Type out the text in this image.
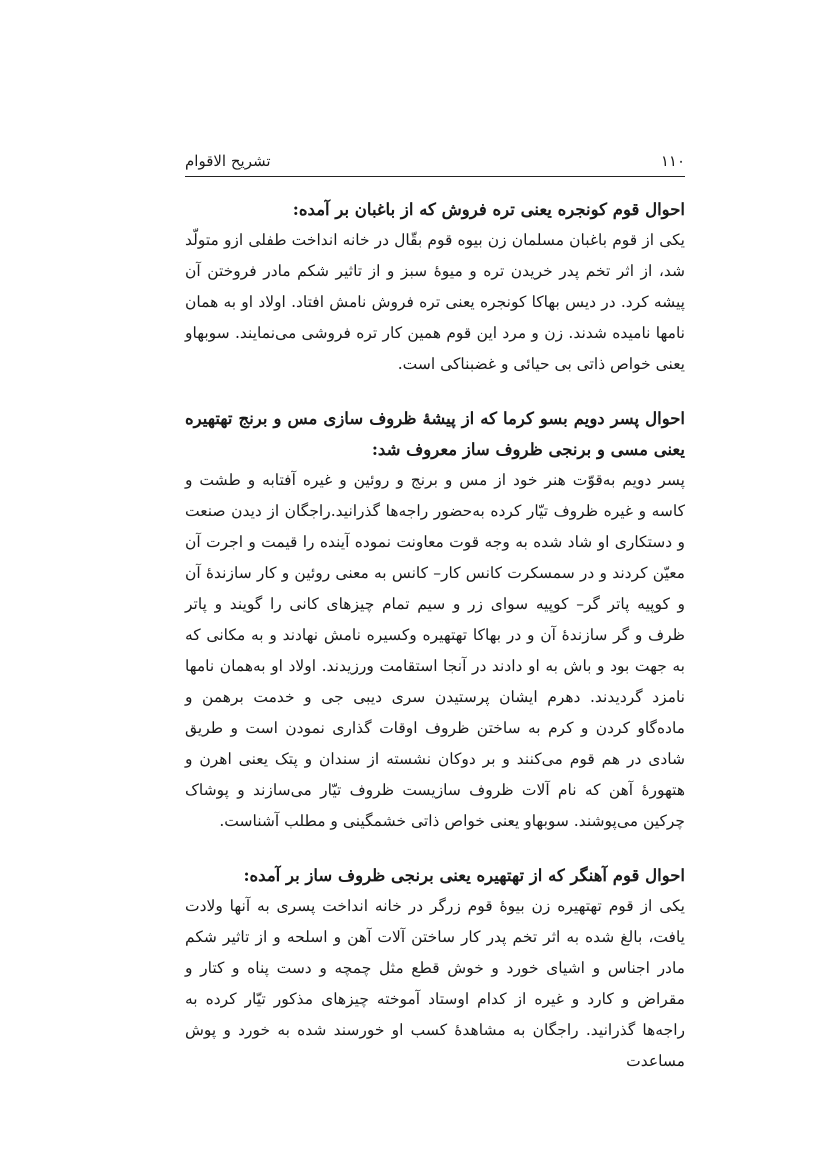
۱۱۰
تشریح الاقوام

احوال قوم کونجره یعنی تره فروش که از باغبان بر آمده:

یکی از قوم باغبان مسلمان زن بیوه قوم بقّال در خانه انداخت طفلی ازو متولّد شد، از اثر تخم پدر خریدن تره و میوهٔ سبز و از تاثیر شکم مادر فروختن آن پیشه کرد. در دیس بهاکا کونجره یعنی تره فروش نامش افتاد. اولاد او به همان نامها نامیده شدند. زن و مرد این قوم همین کار تره فروشی می‌نمایند. سوبهاو یعنی خواص ذاتی بی حیائی و غضبناکی است.

احوال پسر دویم بسو کرما که از پیشهٔ ظروف سازی مس و برنج تهتهیره یعنی مسی و برنجی ظروف ساز معروف شد:

پسر دویم به‌قوّت هنر خود از مس و برنج و روئین و غیره آفتابه و طشت و کاسه و غیره ظروف تیّار کرده به‌حضور راجه‌ها گذرانید.راجگان از دیدن صنعت و دستکاری او شاد شده به وجه قوت معاونت نموده آینده را قیمت و اجرت آن معیّن کردند و در سمسکرت کانس کار– کانس به معنی روئین و کار سازندهٔ آن و کوپیه پاتر گر– کوپیه سوای زر و سیم تمام چیزهای کانی را گویند و پاتر ظرف و گر سازندهٔ آن و در بهاکا تهتهیره وکسیره نامش نهادند و به مکانی که به جهت بود و باش به او دادند در آنجا استقامت ورزیدند. اولاد او به‌همان نامها نامزد گردیدند. دهرم ایشان پرستیدن سری دیبی جی و خدمت برهمن و ماده‌گاو کردن و کرم به ساختن ظروف اوقات گذاری نمودن است و طریق شادی در هم قوم می‌کنند و بر دوکان نشسته از سندان و پتک یعنی اهرن و هتهورهٔ آهن که نام آلات ظروف سازیست ظروف تیّار می‌سازند و پوشاک چرکین می‌پوشند. سوبهاو یعنی خواص ذاتی خشمگینی و مطلب آشناست.

احوال قوم آهنگر که از تهتهیره یعنی برنجی ظروف ساز بر آمده:

یکی از قوم تهتهیره زن بیوهٔ قوم زرگر در خانه انداخت پسری به آنها ولادت یافت، بالغ شده به اثر تخم پدر کار ساختن آلات آهن و اسلحه و از تاثیر شکم مادر اجناس و اشیای خورد و خوش قطع مثل چمچه و دست پناه و کتار و مقراض و کارد و غیره از کدام اوستاد آموخته چیزهای مذکور تیّار کرده به راجه‌ها گذرانید. راجگان به مشاهدهٔ کسب او خورسند شده به خورد و پوش مساعدت
